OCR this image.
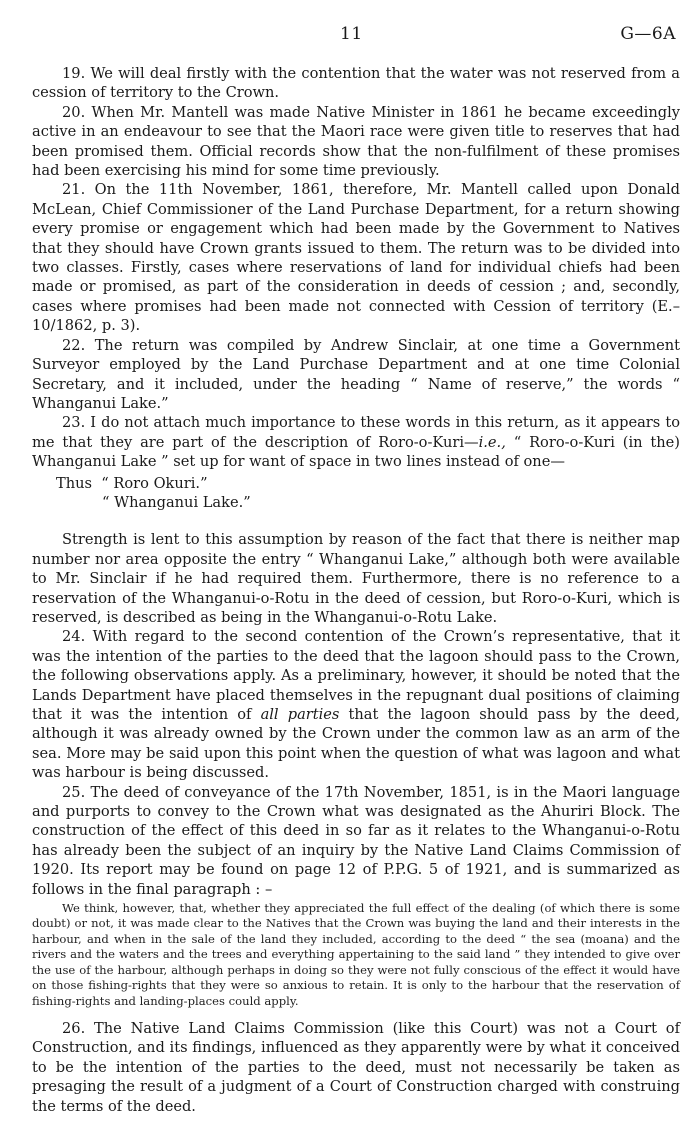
11	G—6A

19. We will deal firstly with the contention that the water was not reserved from a cession of territory to the Crown.

20. When Mr. Mantell was made Native Minister in 1861 he became exceedingly active in an endeavour to see that the Maori race were given title to reserves that had been promised them. Official records show that the non-fulfilment of these promises had been exercising his mind for some time previously.

21. On the 11th November, 1861, therefore, Mr. Mantell called upon Donald McLean, Chief Commissioner of the Land Purchase Department, for a return showing every promise or engagement which had been made by the Government to Natives that they should have Crown grants issued to them. The return was to be divided into two classes. Firstly, cases where reservations of land for individual chiefs had been made or promised, as part of the consideration in deeds of cession ; and, secondly, cases where promises had been made not connected with Cession of territory (E.–10/1862, p. 3).

22. The return was compiled by Andrew Sinclair, at one time a Government Surveyor employed by the Land Purchase Department and at one time Colonial Secretary, and it included, under the heading “ Name of reserve,” the words “ Whanganui Lake.”

23. I do not attach much importance to these words in this return, as it appears to me that they are part of the description of Roro-o-Kuri—i.e., “ Roro-o-Kuri (in the) Whanganui Lake ” set up for want of space in two lines instead of one—

Thus  “ Roro Okuri.”
“ Whanganui Lake.”

Strength is lent to this assumption by reason of the fact that there is neither map number nor area opposite the entry “ Whanganui Lake,” although both were available to Mr. Sinclair if he had required them. Furthermore, there is no reference to a reservation of the Whanganui-o-Rotu in the deed of cession, but Roro-o-Kuri, which is reserved, is described as being in the Whanganui-o-Rotu Lake.

24. With regard to the second contention of the Crown’s representative, that it was the intention of the parties to the deed that the lagoon should pass to the Crown, the following observations apply. As a preliminary, however, it should be noted that the Lands Department have placed themselves in the repugnant dual positions of claiming that it was the intention of all parties that the lagoon should pass by the deed, although it was already owned by the Crown under the common law as an arm of the sea. More may be said upon this point when the question of what was lagoon and what was harbour is being discussed.

25. The deed of conveyance of the 17th November, 1851, is in the Maori language and purports to convey to the Crown what was designated as the Ahuriri Block. The construction of the effect of this deed in so far as it relates to the Whanganui-o-Rotu has already been the subject of an inquiry by the Native Land Claims Commission of 1920. Its report may be found on page 12 of P.P.G. 5 of 1921, and is summarized as follows in the final paragraph : –

We think, however, that, whether they appreciated the full effect of the dealing (of which there is some doubt) or not, it was made clear to the Natives that the Crown was buying the land and their interests in the harbour, and when in the sale of the land they included, according to the deed “ the sea (moana) and the rivers and the waters and the trees and everything appertaining to the said land ” they intended to give over the use of the harbour, although perhaps in doing so they were not fully conscious of the effect it would have on those fishing-rights that they were so anxious to retain. It is only to the harbour that the reservation of fishing-rights and landing-places could apply.

26. The Native Land Claims Commission (like this Court) was not a Court of Construction, and its findings, influenced as they apparently were by what it conceived to be the intention of the parties to the deed, must not necessarily be taken as presaging the result of a judgment of a Court of Construction charged with construing the terms of the deed.
